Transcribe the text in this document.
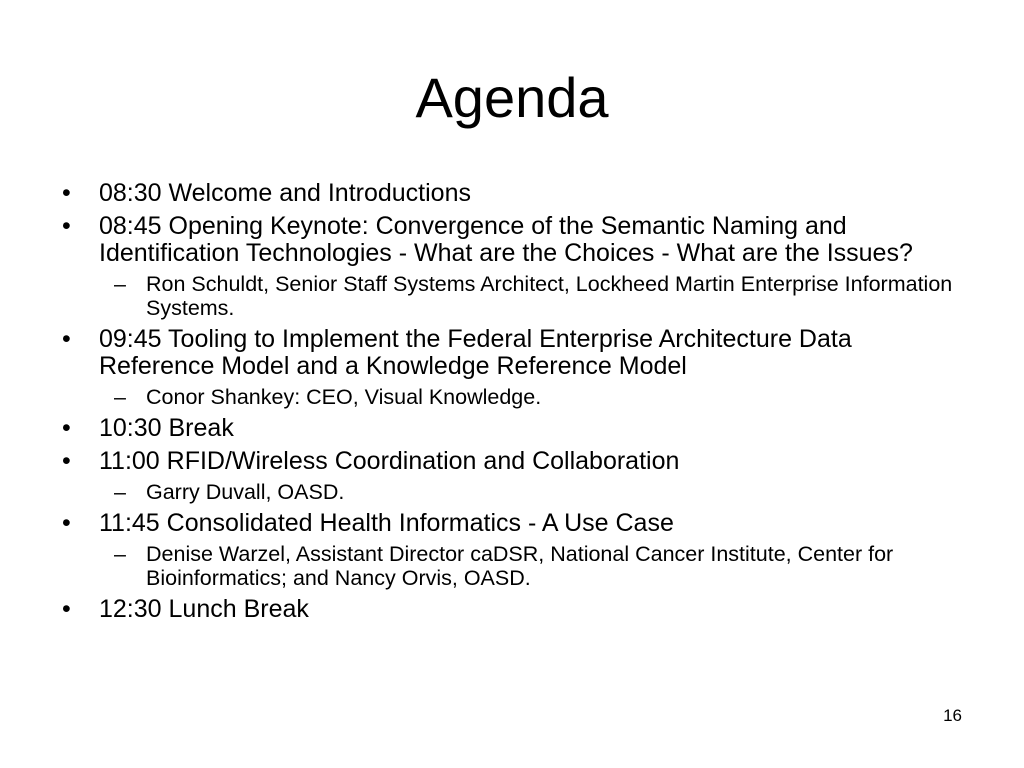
Agenda
• 08:30 Welcome and Introductions
• 08:45 Opening Keynote: Convergence of the Semantic Naming and Identification Technologies - What are the Choices - What are the Issues?
– Ron Schuldt, Senior Staff Systems Architect, Lockheed Martin Enterprise Information Systems.
• 09:45 Tooling to Implement the Federal Enterprise Architecture Data Reference Model and a Knowledge Reference Model
– Conor Shankey: CEO, Visual Knowledge.
• 10:30 Break
• 11:00 RFID/Wireless Coordination and Collaboration
– Garry Duvall, OASD.
• 11:45 Consolidated Health Informatics - A Use Case
– Denise Warzel, Assistant Director caDSR, National Cancer Institute, Center for Bioinformatics; and Nancy Orvis, OASD.
• 12:30 Lunch Break
16
